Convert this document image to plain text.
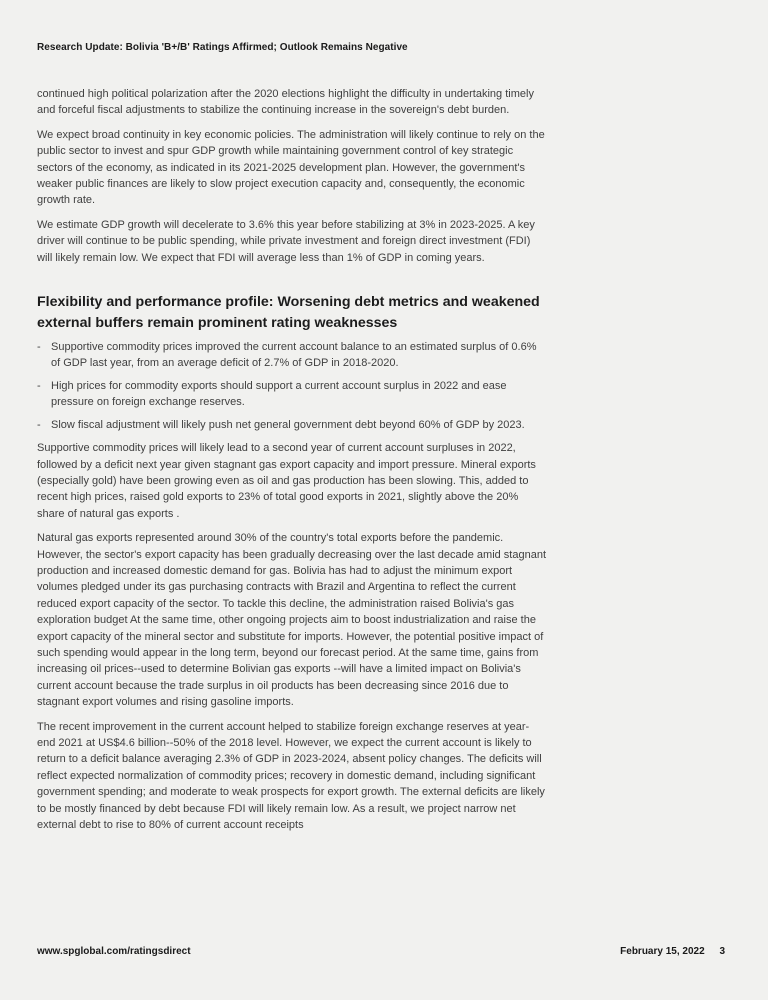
Research Update: Bolivia 'B+/B' Ratings Affirmed; Outlook Remains Negative

continued high political polarization after the 2020 elections highlight the difficulty in undertaking timely and forceful fiscal adjustments to stabilize the continuing increase in the sovereign's debt burden.

We expect broad continuity in key economic policies. The administration will likely continue to rely on the public sector to invest and spur GDP growth while maintaining government control of key strategic sectors of the economy, as indicated in its 2021-2025 development plan. However, the government's weaker public finances are likely to slow project execution capacity and, consequently, the economic growth rate.

We estimate GDP growth will decelerate to 3.6% this year before stabilizing at 3% in 2023-2025. A key driver will continue to be public spending, while private investment and foreign direct investment (FDI) will likely remain low. We expect that FDI will average less than 1% of GDP in coming years.

Flexibility and performance profile: Worsening debt metrics and weakened external buffers remain prominent rating weaknesses
- Supportive commodity prices improved the current account balance to an estimated surplus of 0.6% of GDP last year, from an average deficit of 2.7% of GDP in 2018-2020.
- High prices for commodity exports should support a current account surplus in 2022 and ease pressure on foreign exchange reserves.
- Slow fiscal adjustment will likely push net general government debt beyond 60% of GDP by 2023.

Supportive commodity prices will likely lead to a second year of current account surpluses in 2022, followed by a deficit next year given stagnant gas export capacity and import pressure. Mineral exports (especially gold) have been growing even as oil and gas production has been slowing. This, added to recent high prices, raised gold exports to 23% of total good exports in 2021, slightly above the 20% share of natural gas exports .

Natural gas exports represented around 30% of the country's total exports before the pandemic. However, the sector's export capacity has been gradually decreasing over the last decade amid stagnant production and increased domestic demand for gas. Bolivia has had to adjust the minimum export volumes pledged under its gas purchasing contracts with Brazil and Argentina to reflect the current reduced export capacity of the sector. To tackle this decline, the administration raised Bolivia's gas exploration budget At the same time, other ongoing projects aim to boost industrialization and raise the export capacity of the mineral sector and substitute for imports. However, the potential positive impact of such spending would appear in the long term, beyond our forecast period. At the same time, gains from increasing oil prices--used to determine Bolivian gas exports --will have a limited impact on Bolivia's current account because the trade surplus in oil products has been decreasing since 2016 due to stagnant export volumes and rising gasoline imports.

The recent improvement in the current account helped to stabilize foreign exchange reserves at year-end 2021 at US$4.6 billion--50% of the 2018 level. However, we expect the current account is likely to return to a deficit balance averaging 2.3% of GDP in 2023-2024, absent policy changes. The deficits will reflect expected normalization of commodity prices; recovery in domestic demand, including significant government spending; and moderate to weak prospects for export growth. The external deficits are likely to be mostly financed by debt because FDI will likely remain low. As a result, we project narrow net external debt to rise to 80% of current account receipts

www.spglobal.com/ratingsdirect	February 15, 2022 3
